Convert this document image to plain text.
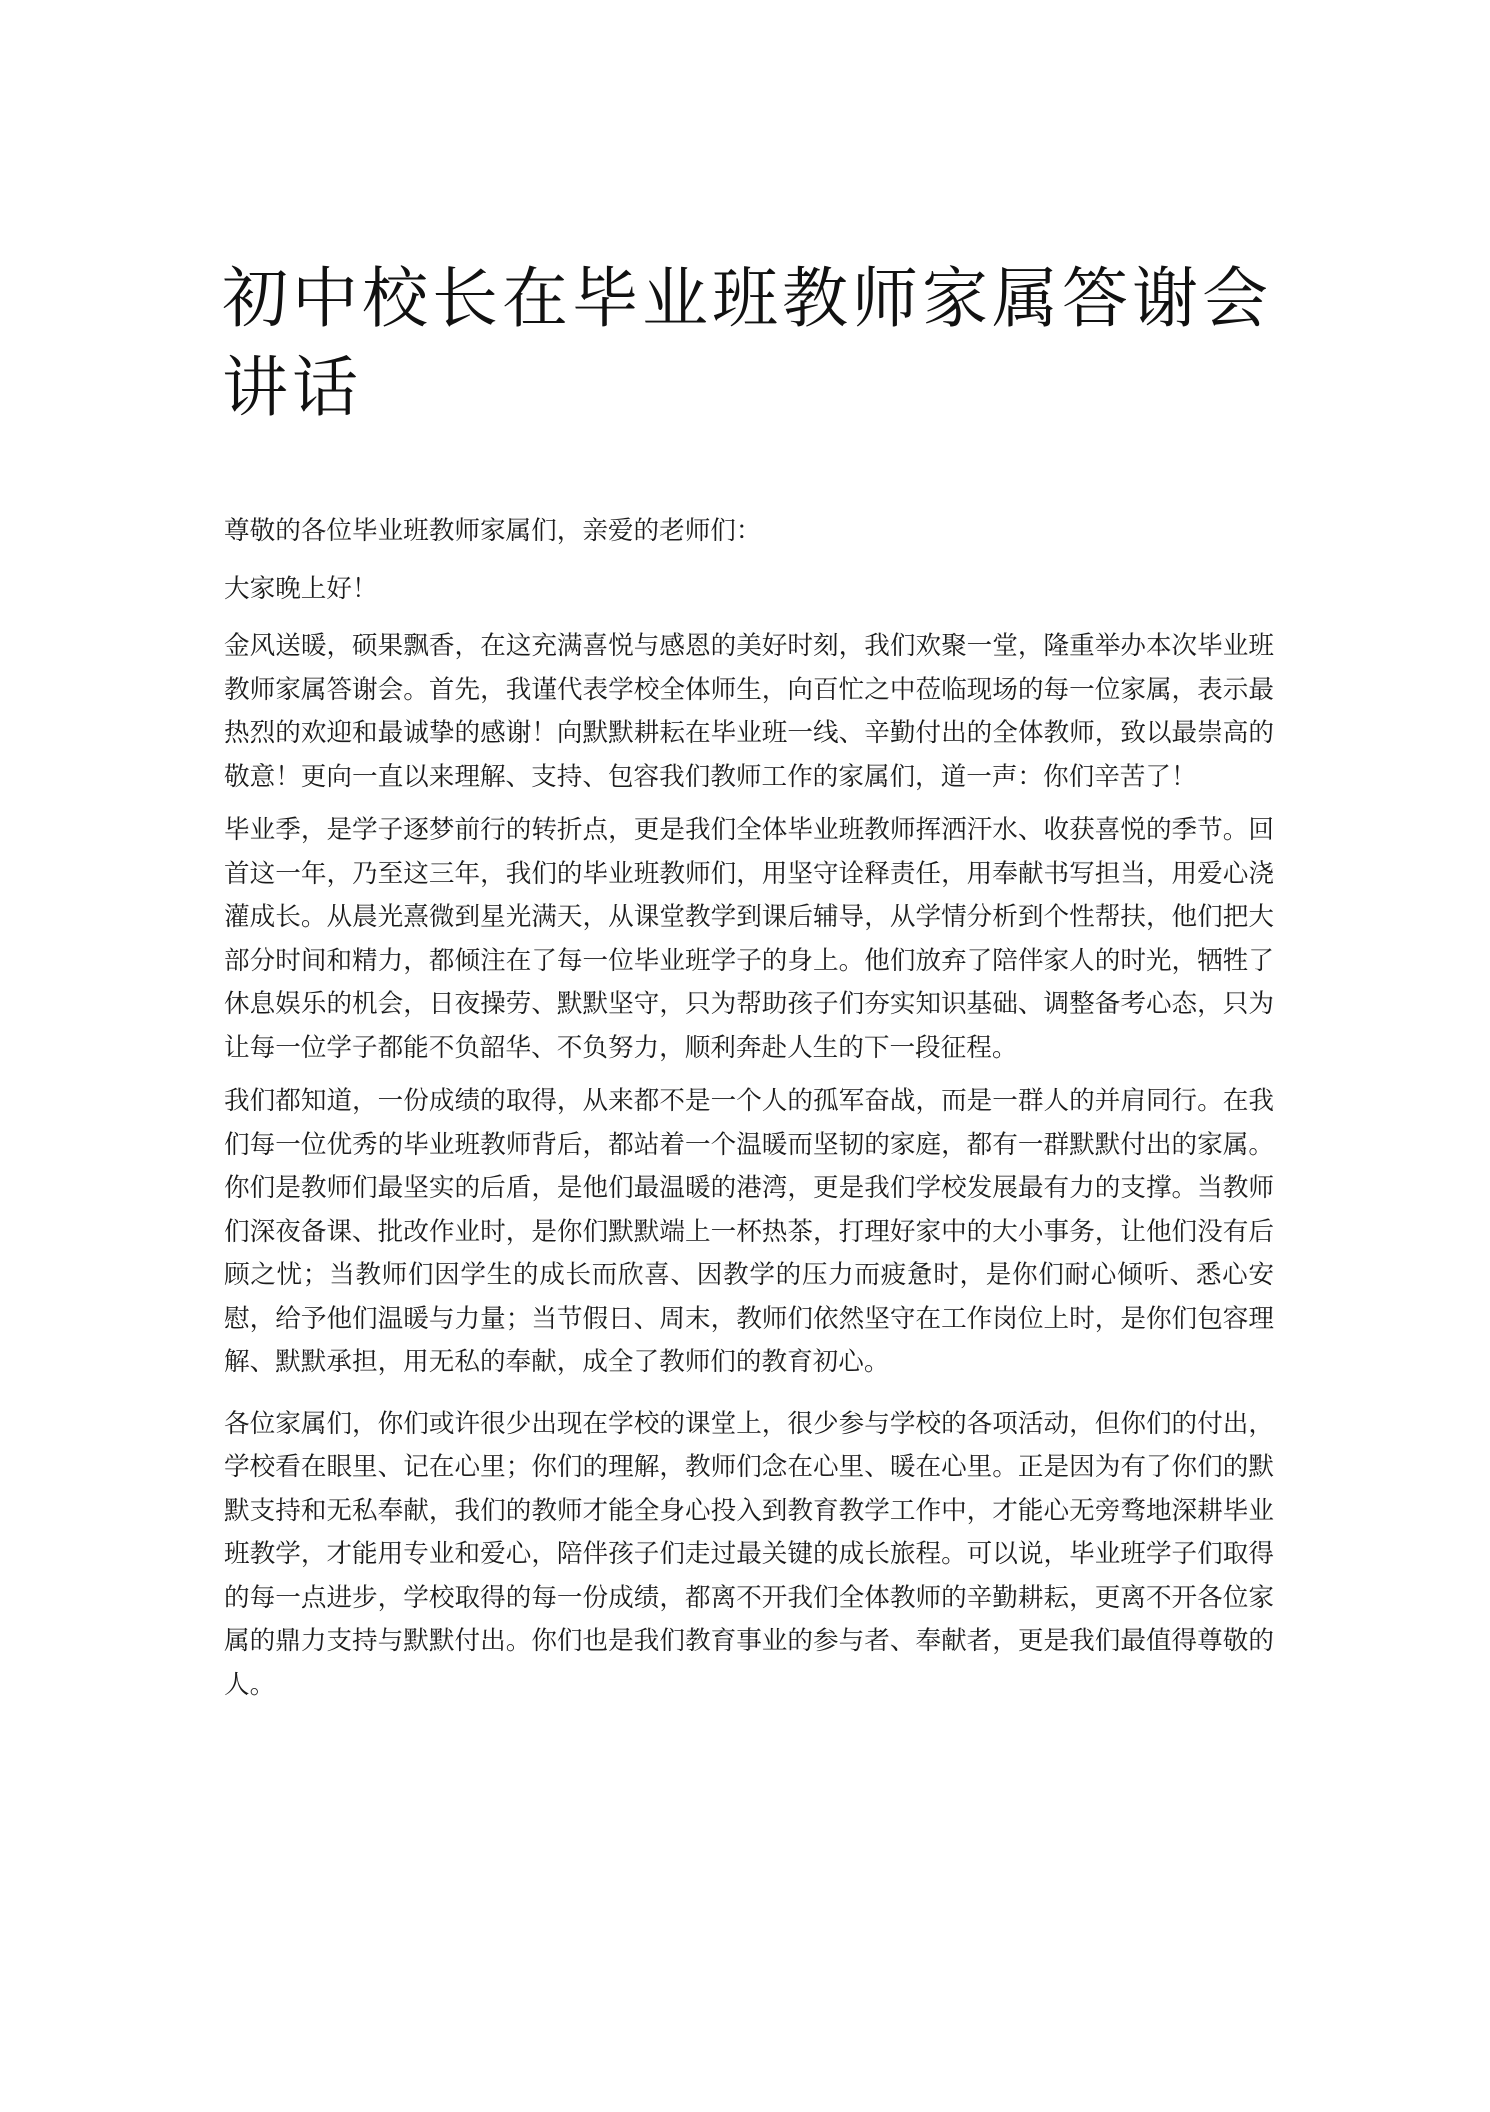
初中校长在毕业班教师家属答谢会讲话

尊敬的各位毕业班教师家属们，亲爱的老师们：

大家晚上好！

金风送暖，硕果飘香，在这充满喜悦与感恩的美好时刻，我们欢聚一堂，隆重举办本次毕业班教师家属答谢会。首先，我谨代表学校全体师生，向百忙之中莅临现场的每一位家属，表示最热烈的欢迎和最诚挚的感谢！向默默耕耘在毕业班一线、辛勤付出的全体教师，致以最崇高的敬意！更向一直以来理解、支持、包容我们教师工作的家属们，道一声：你们辛苦了！

毕业季，是学子逐梦前行的转折点，更是我们全体毕业班教师挥洒汗水、收获喜悦的季节。回首这一年，乃至这三年，我们的毕业班教师们，用坚守诠释责任，用奉献书写担当，用爱心浇灌成长。从晨光熹微到星光满天，从课堂教学到课后辅导，从学情分析到个性帮扶，他们把大部分时间和精力，都倾注在了每一位毕业班学子的身上。他们放弃了陪伴家人的时光，牺牲了休息娱乐的机会，日夜操劳、默默坚守，只为帮助孩子们夯实知识基础、调整备考心态，只为让每一位学子都能不负韶华、不负努力，顺利奔赴人生的下一段征程。

我们都知道，一份成绩的取得，从来都不是一个人的孤军奋战，而是一群人的并肩同行。在我们每一位优秀的毕业班教师背后，都站着一个温暖而坚韧的家庭，都有一群默默付出的家属。你们是教师们最坚实的后盾，是他们最温暖的港湾，更是我们学校发展最有力的支撑。当教师们深夜备课、批改作业时，是你们默默端上一杯热茶，打理好家中的大小事务，让他们没有后顾之忧；当教师们因学生的成长而欣喜、因教学的压力而疲惫时，是你们耐心倾听、悉心安慰，给予他们温暖与力量；当节假日、周末，教师们依然坚守在工作岗位上时，是你们包容理解、默默承担，用无私的奉献，成全了教师们的教育初心。

各位家属们，你们或许很少出现在学校的课堂上，很少参与学校的各项活动，但你们的付出，学校看在眼里、记在心里；你们的理解，教师们念在心里、暖在心里。正是因为有了你们的默默支持和无私奉献，我们的教师才能全身心投入到教育教学工作中，才能心无旁骛地深耕毕业班教学，才能用专业和爱心，陪伴孩子们走过最关键的成长旅程。可以说，毕业班学子们取得的每一点进步，学校取得的每一份成绩，都离不开我们全体教师的辛勤耕耘，更离不开各位家属的鼎力支持与默默付出。你们也是我们教育事业的参与者、奉献者，更是我们最值得尊敬的人。
